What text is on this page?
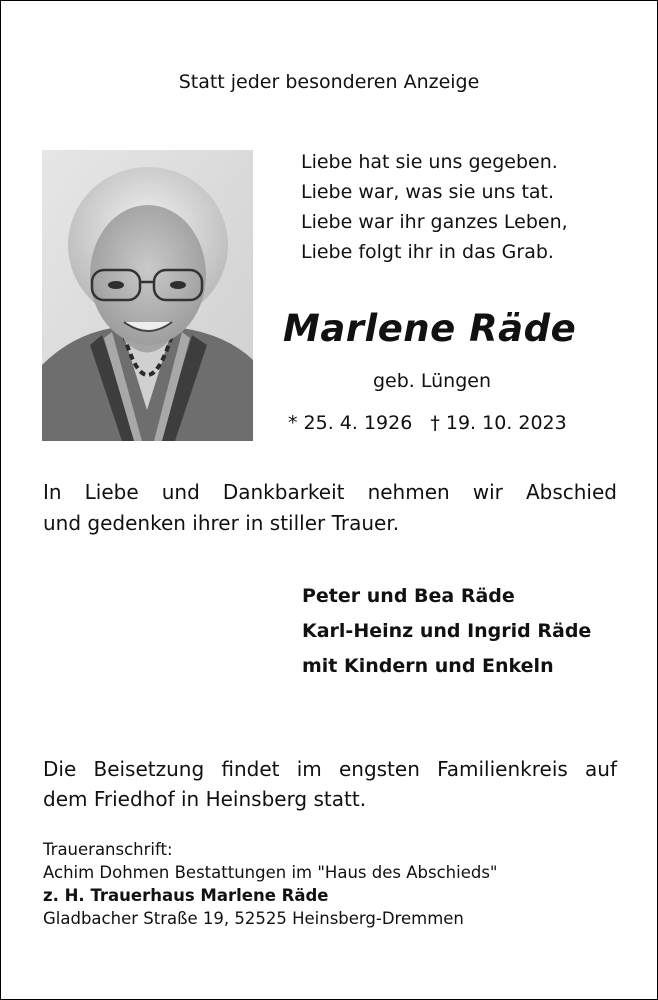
Statt jeder besonderen Anzeige
Liebe hat sie uns gegeben.
Liebe war, was sie uns tat.
Liebe war ihr ganzes Leben,
Liebe folgt ihr in das Grab.
Marlene Räde
geb. Lüngen
* 25. 4. 1926 † 19. 10. 2023
In Liebe und Dankbarkeit nehmen wir Abschied
und gedenken ihrer in stiller Trauer.
Peter und Bea Räde
Karl-Heinz und Ingrid Räde
mit Kindern und Enkeln
Die Beisetzung findet im engsten Familienkreis auf
dem Friedhof in Heinsberg statt.
Traueranschrift:
Achim Dohmen Bestattungen im "Haus des Abschieds"
z. H. Trauerhaus Marlene Räde
Gladbacher Straße 19, 52525 Heinsberg-Dremmen
